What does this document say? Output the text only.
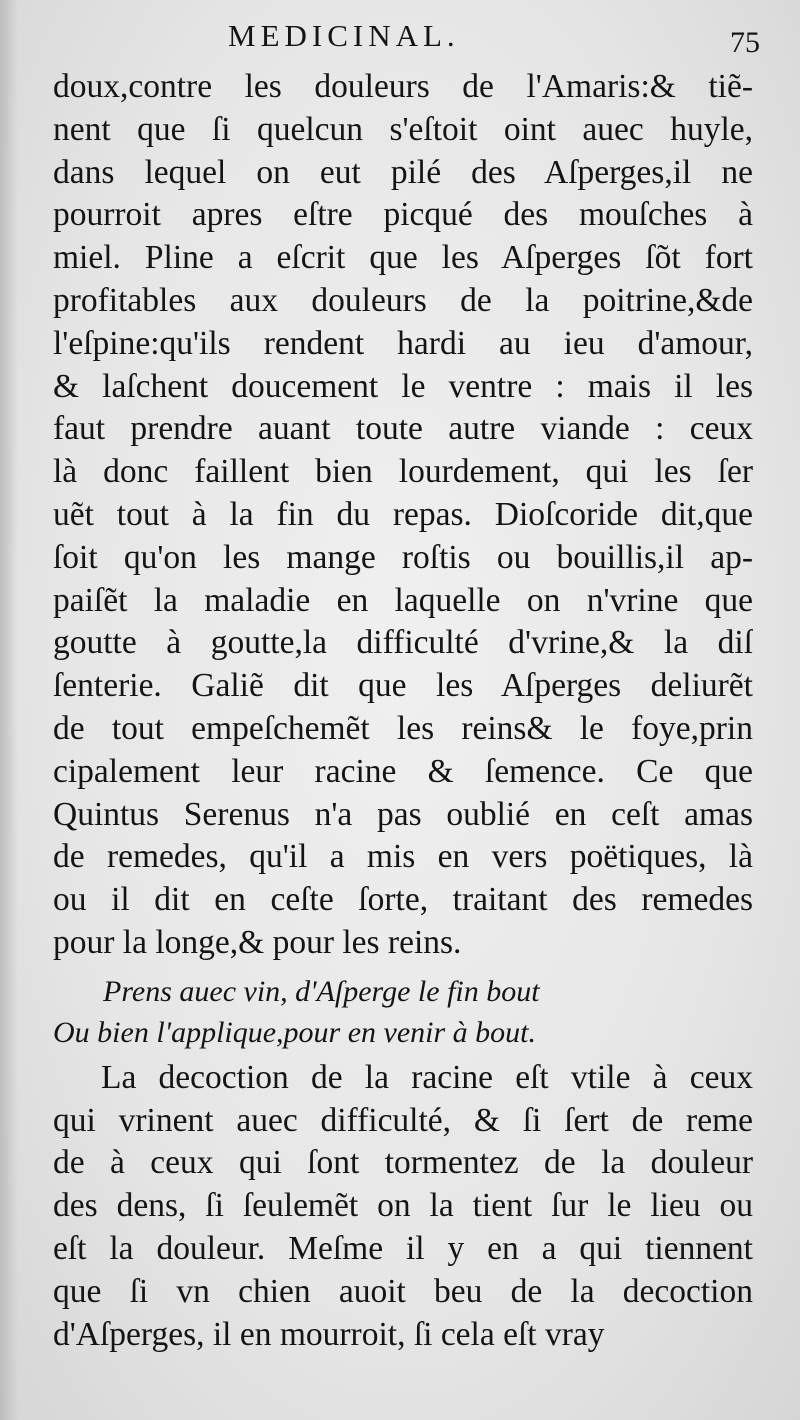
MEDICINAL.	75
doux,contre les douleurs de l'Amaris:& tiẽ-
nent que ſi quelcun s'eſtoit oint auec huyle,
dans lequel on eut pilé des Aſperges,il ne
pourroit apres eſtre picqué des mouſches à
miel. Pline a eſcrit que les Aſperges ſõt fort
profitables aux douleurs de la poitrine,&de
l'eſpine:qu'ils rendent hardi au ieu d'amour,
& laſchent doucement le ventre : mais il les
faut prendre auant toute autre viande : ceux
là donc faillent bien lourdement, qui les ſer
uẽt tout à la fin du repas. Dioſcoride dit,que
ſoit qu'on les mange roſtis ou bouillis,il ap-
paiſẽt la maladie en laquelle on n'vrine que
goutte à goutte,la difficulté d'vrine,& la diſ
ſenterie. Galiẽ dit que les Aſperges deliurẽt
de tout empeſchemẽt les reins& le foye,prin
cipalement leur racine & ſemence. Ce que
Quintus Serenus n'a pas oublié en ceſt amas
de remedes, qu'il a mis en vers poëtiques, là
ou il dit en ceſte ſorte, traitant des remedes
pour la longe,& pour les reins.
Prens auec vin, d'Aſperge le fin bout
Ou bien l'applique,pour en venir à bout.
La decoction de la racine eſt vtile à ceux
qui vrinent auec difficulté, & ſi ſert de reme
de à ceux qui ſont tormentez de la douleur
des dens, ſi ſeulemẽt on la tient ſur le lieu ou
eſt la douleur. Meſme il y en a qui tiennent
que ſi vn chien auoit beu de la decoction
d'Aſperges, il en mourroit, ſi cela eſt vray
